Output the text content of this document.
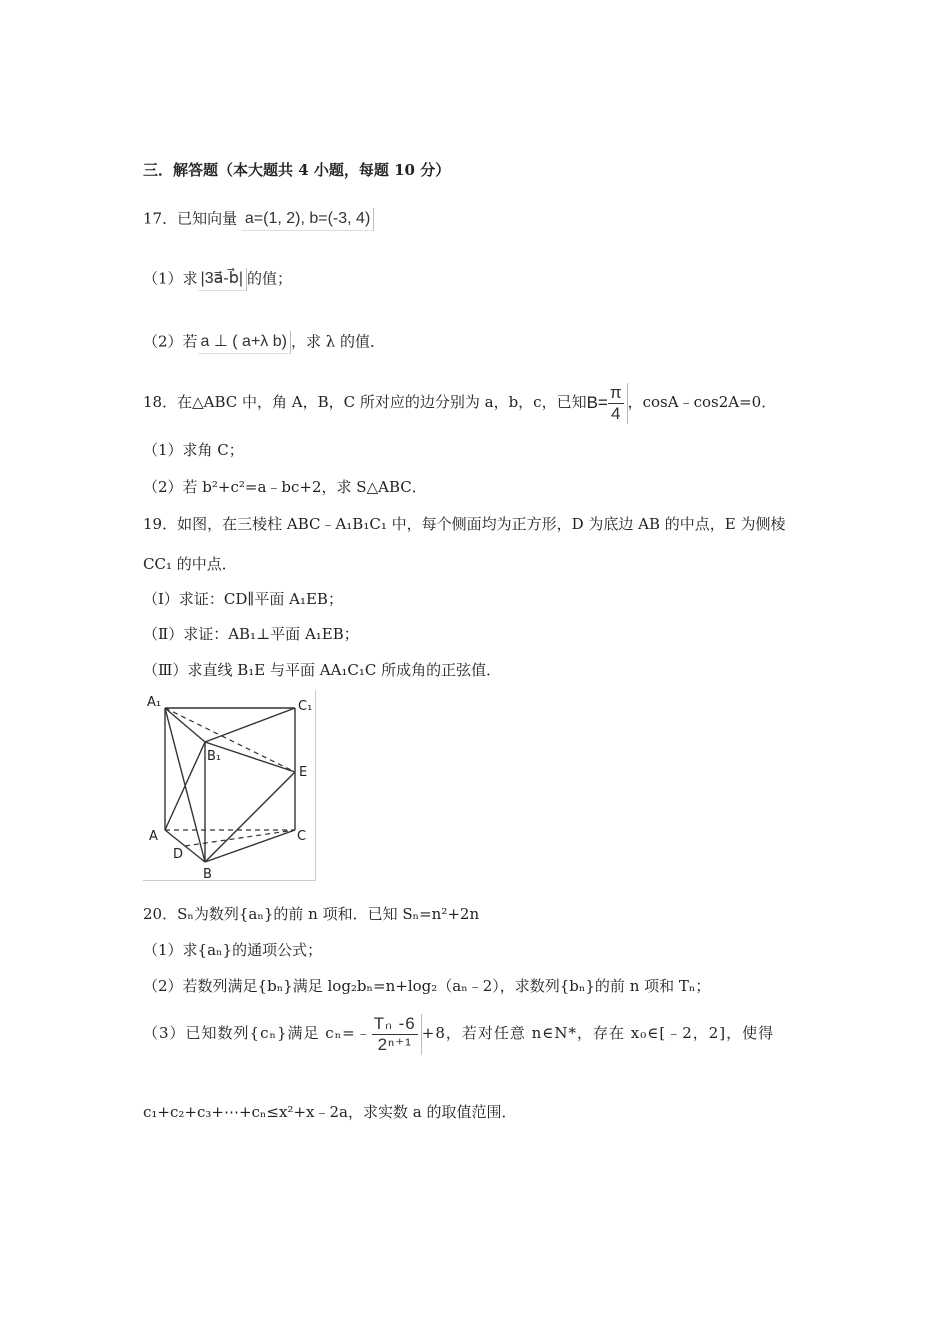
三．解答题（本大题共 4 小题，每题 10 分）
17．已知向量 a=(1, 2), b=(-3, 4)
（1）求 |3a⃗-b⃗| 的值；
（2）若 a ⊥ ( a+λ b) ，求 λ 的值．
18．在△ABC 中，角 A，B，C 所对应的边分别为 a，b，c，已知$B= \frac{\pi}{4}$ ，cosA﹣cos2A=0．
（1）求角 C；
（2）若 b²+c²=a﹣bc+2，求 S△ABC．
19．如图，在三棱柱 ABC﹣A₁B₁C₁ 中，每个侧面均为正方形，D 为底边 AB 的中点，E 为侧棱
CC₁ 的中点．
（Ⅰ）求证：CD∥平面 A₁EB；
（Ⅱ）求证：AB₁⊥平面 A₁EB；
（Ⅲ）求直线 B₁E 与平面 AA₁C₁C 所成角的正弦值．
A₁	C₁
B₁
E
A
D
C
B
20．Sₙ为数列{aₙ}的前 n 项和．已知 Sₙ=n²+2n
（1）求{aₙ}的通项公式；
（2）若数列满足{bₙ}满足 log₂bₙ=n+log₂（aₙ﹣2），求数列{bₙ}的前 n 项和 Tₙ；
（3）已知数列{cₙ}满足 cₙ=﹣ $\frac{\text{Tₙ -6}}{\text{2ⁿ⁺¹}} +8$，若对任意 n∈N*，存在 x₀∈[﹣2，2]，使得
c₁+c₂+c₃+⋯+cₙ≤x²+x﹣2a，求实数 a 的取值范围．
